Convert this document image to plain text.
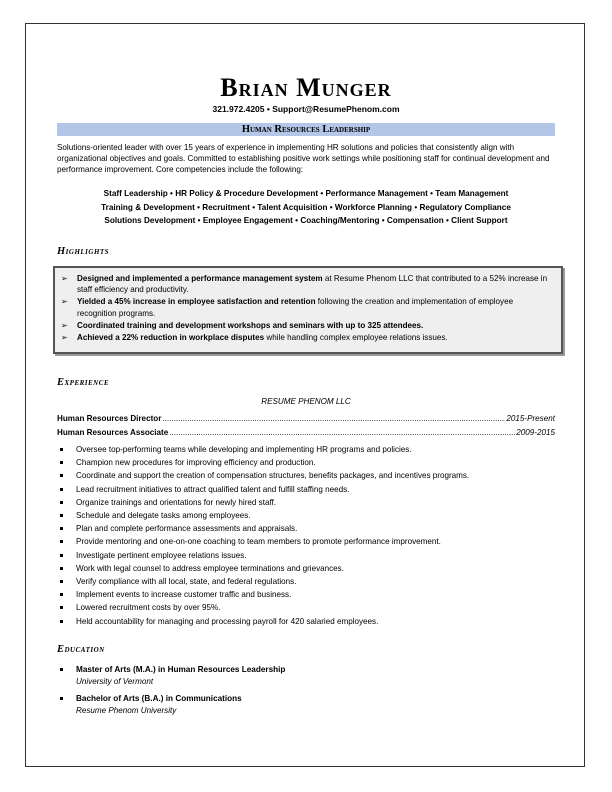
Brian Munger
321.972.4205 • Support@ResumePhenom.com
Human Resources Leadership
Solutions-oriented leader with over 15 years of experience in implementing HR solutions and policies that consistently align with organizational objectives and goals. Committed to establishing positive work settings while positioning staff for continual development and performance improvement. Core competencies include the following:
Staff Leadership • HR Policy & Procedure Development • Performance Management • Team Management
Training & Development • Recruitment • Talent Acquisition • Workforce Planning • Regulatory Compliance
Solutions Development • Employee Engagement • Coaching/Mentoring • Compensation • Client Support
Highlights
➢ Designed and implemented a performance management system at Resume Phenom LLC that contributed to a 52% increase in staff efficiency and productivity.
➢ Yielded a 45% increase in employee satisfaction and retention following the creation and implementation of employee recognition programs.
➢ Coordinated training and development workshops and seminars with up to 325 attendees.
➢ Achieved a 22% reduction in workplace disputes while handling complex employee relations issues.
Experience
RESUME PHENOM LLC
Human Resources Director .....	2015-Present
Human Resources Associate .....	2009-2015
Oversee top-performing teams while developing and implementing HR programs and policies.
Champion new procedures for improving efficiency and production.
Coordinate and support the creation of compensation structures, benefits packages, and incentives programs.
Lead recruitment initiatives to attract qualified talent and fulfill staffing needs.
Organize trainings and orientations for newly hired staff.
Schedule and delegate tasks among employees.
Plan and complete performance assessments and appraisals.
Provide mentoring and one-on-one coaching to team members to promote performance improvement.
Investigate pertinent employee relations issues.
Work with legal counsel to address employee terminations and grievances.
Verify compliance with all local, state, and federal regulations.
Implement events to increase customer traffic and business.
Lowered recruitment costs by over 95%.
Held accountability for managing and processing payroll for 420 salaried employees.
Education
Master of Arts (M.A.) in Human Resources Leadership
University of Vermont
Bachelor of Arts (B.A.) in Communications
Resume Phenom University
